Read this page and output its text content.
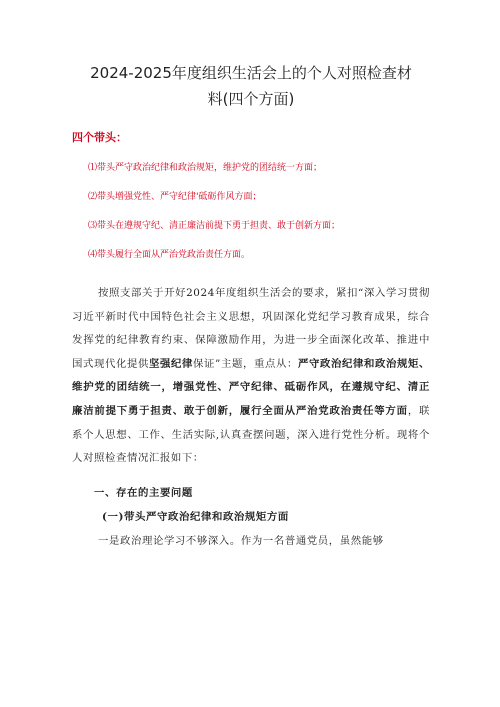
2024-2025年度组织生活会上的个人对照检查材
料(四个方面)
四个带头：
⑴带头严守政治纪律和政治规矩，维护党的团结统一方面；
⑵带头增强党性、严守纪律'砥砺作风方面；
⑶带头在遵规守纪、清正廉洁前提下勇于担责、敢于创新方面；
⑷带头履行全面从严治党政治责任方面。

按照支部关于开好2024年度组织生活会的要求，紧扣“深入学习贯彻习近平新时代中国特色社会主义思想，巩固深化党纪学习教育成果，综合发挥党的纪律教育约束、保障激励作用，为进一步全面深化改革、推进中国式现代化提供坚强纪律保证”主题，重点从：严守政治纪律和政治规矩、维护党的团结统一，增强党性、严守纪律、砥砺作风，在遵规守纪、清正廉洁前提下勇于担责、敢于创新，履行全面从严治党政治责任等方面，联系个人思想、工作、生活实际,认真查摆问题，深入进行党性分析。现将个人对照检查情况汇报如下：

一、存在的主要问题
(一)带头严守政治纪律和政治规矩方面
一是政治理论学习不够深入。作为一名普通党员，虽然能够
